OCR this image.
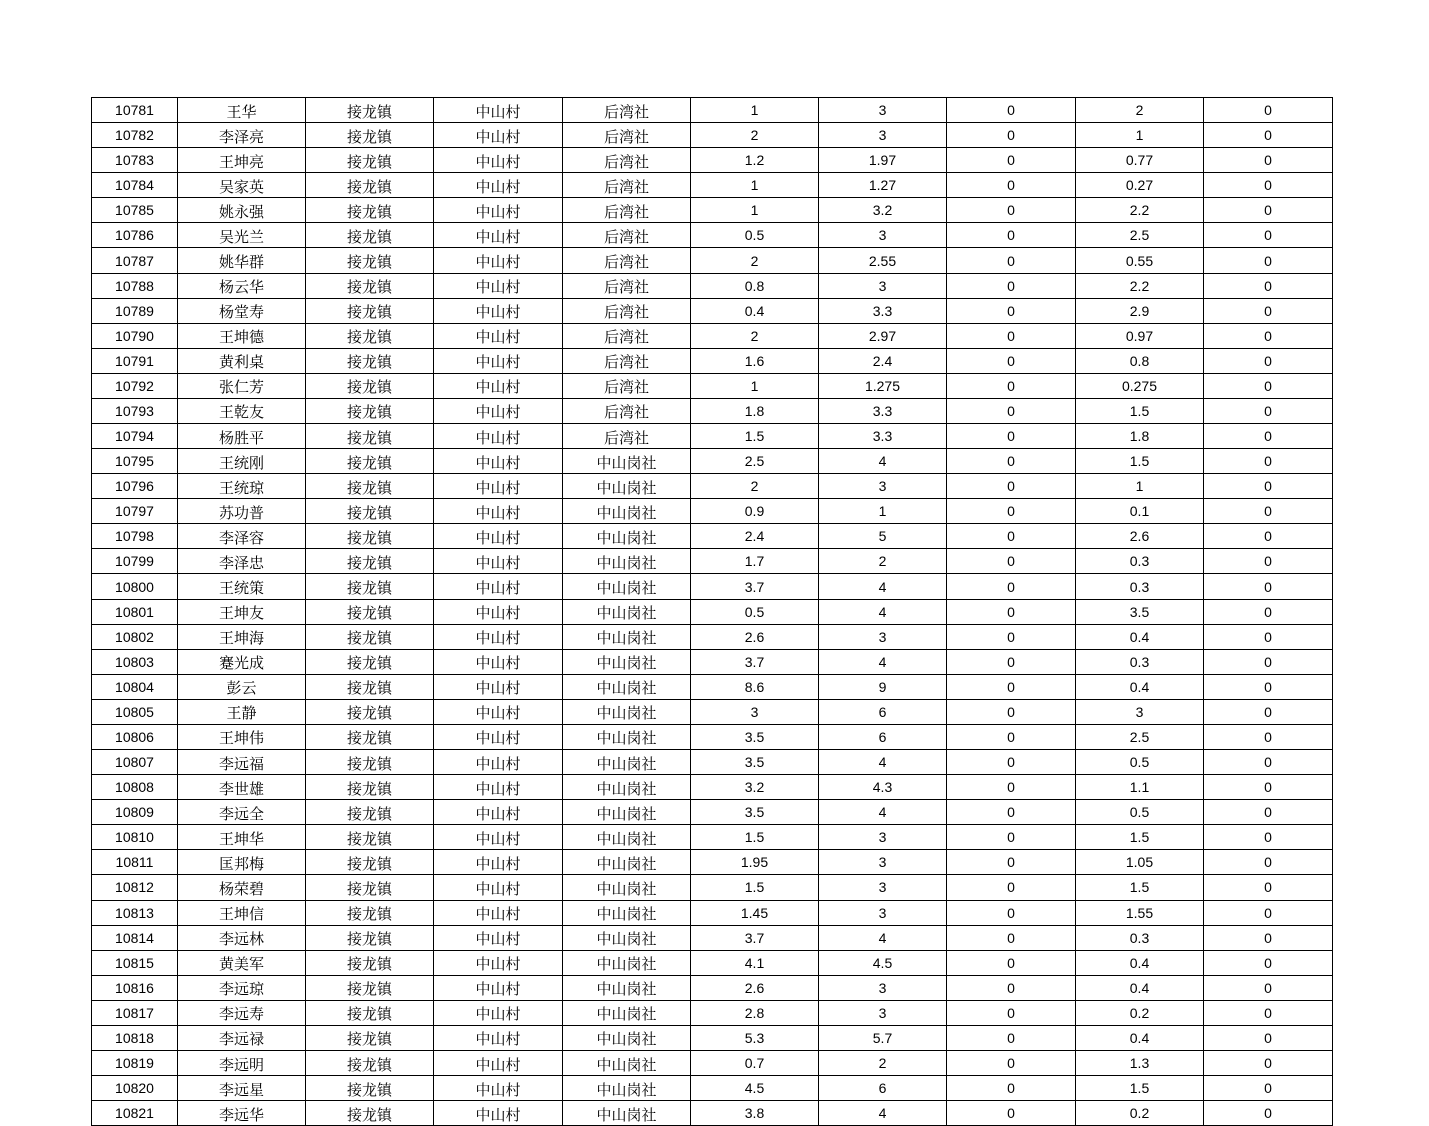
10781	王华	接龙镇	中山村	后湾社	1	3	0	2	0
10782	李泽亮	接龙镇	中山村	后湾社	2	3	0	1	0
10783	王坤亮	接龙镇	中山村	后湾社	1.2	1.97	0	0.77	0
10784	吴家英	接龙镇	中山村	后湾社	1	1.27	0	0.27	0
10785	姚永强	接龙镇	中山村	后湾社	1	3.2	0	2.2	0
10786	吴光兰	接龙镇	中山村	后湾社	0.5	3	0	2.5	0
10787	姚华群	接龙镇	中山村	后湾社	2	2.55	0	0.55	0
10788	杨云华	接龙镇	中山村	后湾社	0.8	3	0	2.2	0
10789	杨堂寿	接龙镇	中山村	后湾社	0.4	3.3	0	2.9	0
10790	王坤德	接龙镇	中山村	后湾社	2	2.97	0	0.97	0
10791	黄利桌	接龙镇	中山村	后湾社	1.6	2.4	0	0.8	0
10792	张仁芳	接龙镇	中山村	后湾社	1	1.275	0	0.275	0
10793	王乾友	接龙镇	中山村	后湾社	1.8	3.3	0	1.5	0
10794	杨胜平	接龙镇	中山村	后湾社	1.5	3.3	0	1.8	0
10795	王统刚	接龙镇	中山村	中山岗社	2.5	4	0	1.5	0
10796	王统琼	接龙镇	中山村	中山岗社	2	3	0	1	0
10797	苏功普	接龙镇	中山村	中山岗社	0.9	1	0	0.1	0
10798	李泽容	接龙镇	中山村	中山岗社	2.4	5	0	2.6	0
10799	李泽忠	接龙镇	中山村	中山岗社	1.7	2	0	0.3	0
10800	王统策	接龙镇	中山村	中山岗社	3.7	4	0	0.3	0
10801	王坤友	接龙镇	中山村	中山岗社	0.5	4	0	3.5	0
10802	王坤海	接龙镇	中山村	中山岗社	2.6	3	0	0.4	0
10803	蹇光成	接龙镇	中山村	中山岗社	3.7	4	0	0.3	0
10804	彭云	接龙镇	中山村	中山岗社	8.6	9	0	0.4	0
10805	王静	接龙镇	中山村	中山岗社	3	6	0	3	0
10806	王坤伟	接龙镇	中山村	中山岗社	3.5	6	0	2.5	0
10807	李远福	接龙镇	中山村	中山岗社	3.5	4	0	0.5	0
10808	李世雄	接龙镇	中山村	中山岗社	3.2	4.3	0	1.1	0
10809	李远全	接龙镇	中山村	中山岗社	3.5	4	0	0.5	0
10810	王坤华	接龙镇	中山村	中山岗社	1.5	3	0	1.5	0
10811	匡邦梅	接龙镇	中山村	中山岗社	1.95	3	0	1.05	0
10812	杨荣碧	接龙镇	中山村	中山岗社	1.5	3	0	1.5	0
10813	王坤信	接龙镇	中山村	中山岗社	1.45	3	0	1.55	0
10814	李远林	接龙镇	中山村	中山岗社	3.7	4	0	0.3	0
10815	黄美军	接龙镇	中山村	中山岗社	4.1	4.5	0	0.4	0
10816	李远琼	接龙镇	中山村	中山岗社	2.6	3	0	0.4	0
10817	李远寿	接龙镇	中山村	中山岗社	2.8	3	0	0.2	0
10818	李远禄	接龙镇	中山村	中山岗社	5.3	5.7	0	0.4	0
10819	李远明	接龙镇	中山村	中山岗社	0.7	2	0	1.3	0
10820	李远星	接龙镇	中山村	中山岗社	4.5	6	0	1.5	0
10821	李远华	接龙镇	中山村	中山岗社	3.8	4	0	0.2	0
